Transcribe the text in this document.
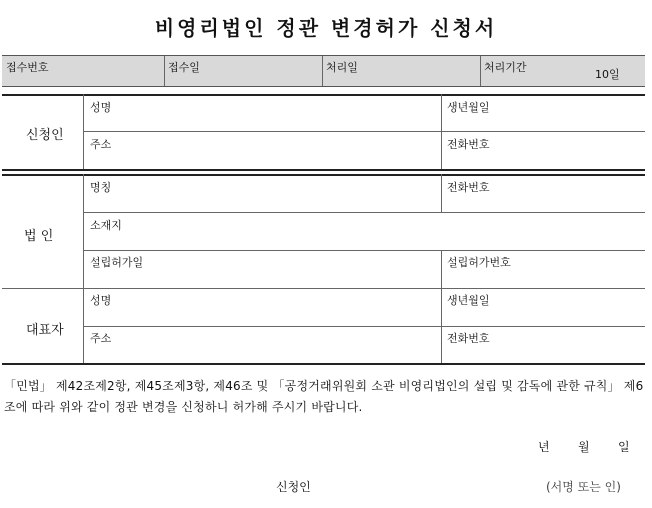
비영리법인 정관 변경허가 신청서
접수번호	접수일	처리일	처리기간
10일
신청인
성명	생년월일
주소	전화번호
법 인
명칭	전화번호
소재지
설립허가일	설립허가번호
대표자
성명	생년월일
주소	전화번호
「민법」 제42조제2항, 제45조제3항, 제46조 및 「공정거래위원회 소관 비영리법인의 설립 및 감독에 관한 규칙」 제6조에 따라 위와 같이 정관 변경을 신청하니 허가해 주시기 바랍니다.
년 월 일
신청인	(서명 또는 인)
